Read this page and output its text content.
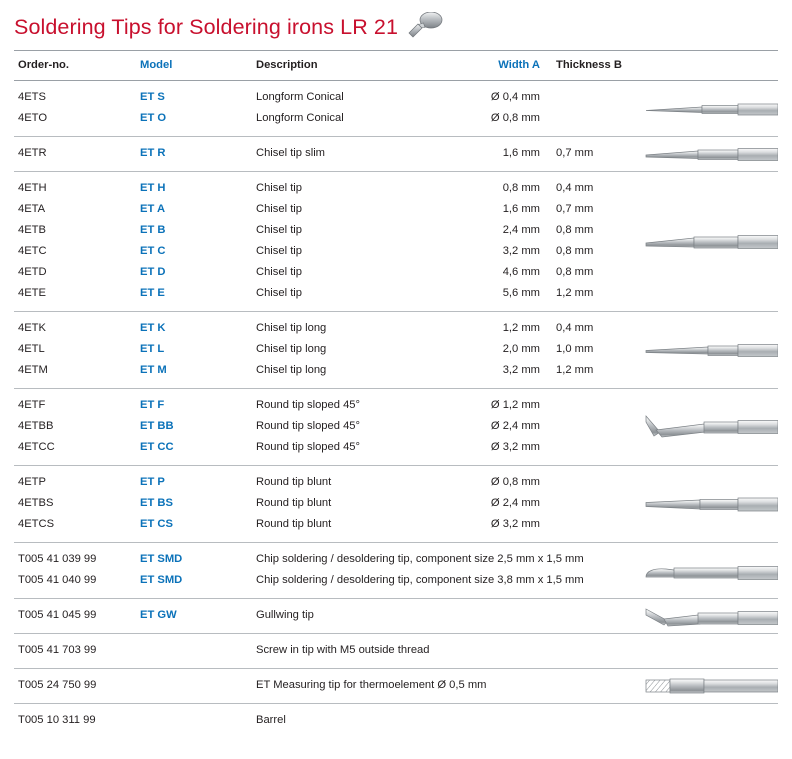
Soldering Tips for Soldering irons LR 21
Order-no.	Model	Description	Width A	Thickness B	

4ETS	ET S	Longform Conical	Ø 0,4 mm

4ETO	ET O	Longform Conical	Ø 0,8 mm		

4ETR	ET R	Chisel tip slim	1,6 mm	0,7 mm

4ETH	ET H	Chisel tip	0,8 mm	0,4 mm

4ETA	ET A	Chisel tip	1,6 mm	0,7 mm	

4ETB	ET B	Chisel tip	2,4 mm	0,8 mm	

4ETC	ET C	Chisel tip	3,2 mm	0,8 mm	

4ETD	ET D	Chisel tip	4,6 mm	0,8 mm	

4ETE	ET E	Chisel tip	5,6 mm	1,2 mm	

4ETK	ET K	Chisel tip long	1,2 mm	0,4 mm

4ETL	ET L	Chisel tip long	2,0 mm	1,0 mm	

4ETM	ET M	Chisel tip long	3,2 mm	1,2 mm	

4ETF	ET F	Round tip sloped 45°	Ø 1,2 mm

4ETBB	ET BB	Round tip sloped 45°	Ø 2,4 mm		

4ETCC	ET CC	Round tip sloped 45°	Ø 3,2 mm		

4ETP	ET P	Round tip blunt	Ø 0,8 mm

4ETBS	ET BS	Round tip blunt	Ø 2,4 mm		

4ETCS	ET CS	Round tip blunt	Ø 3,2 mm		

T005 41 039 99	ET SMD	Chip soldering / desoldering tip, component size 2,5 mm x 1,5 mm

T005 41 040 99	ET SMD	Chip soldering / desoldering tip, component size 3,8 mm x 1,5 mm			

T005 41 045 99	ET GW	Gullwing tip

T005 41 703 99		Screw in tip with M5 outside thread			

T005 24 750 99		ET Measuring tip for thermoelement Ø 0,5 mm

T005 10 311 99		Barrel			
